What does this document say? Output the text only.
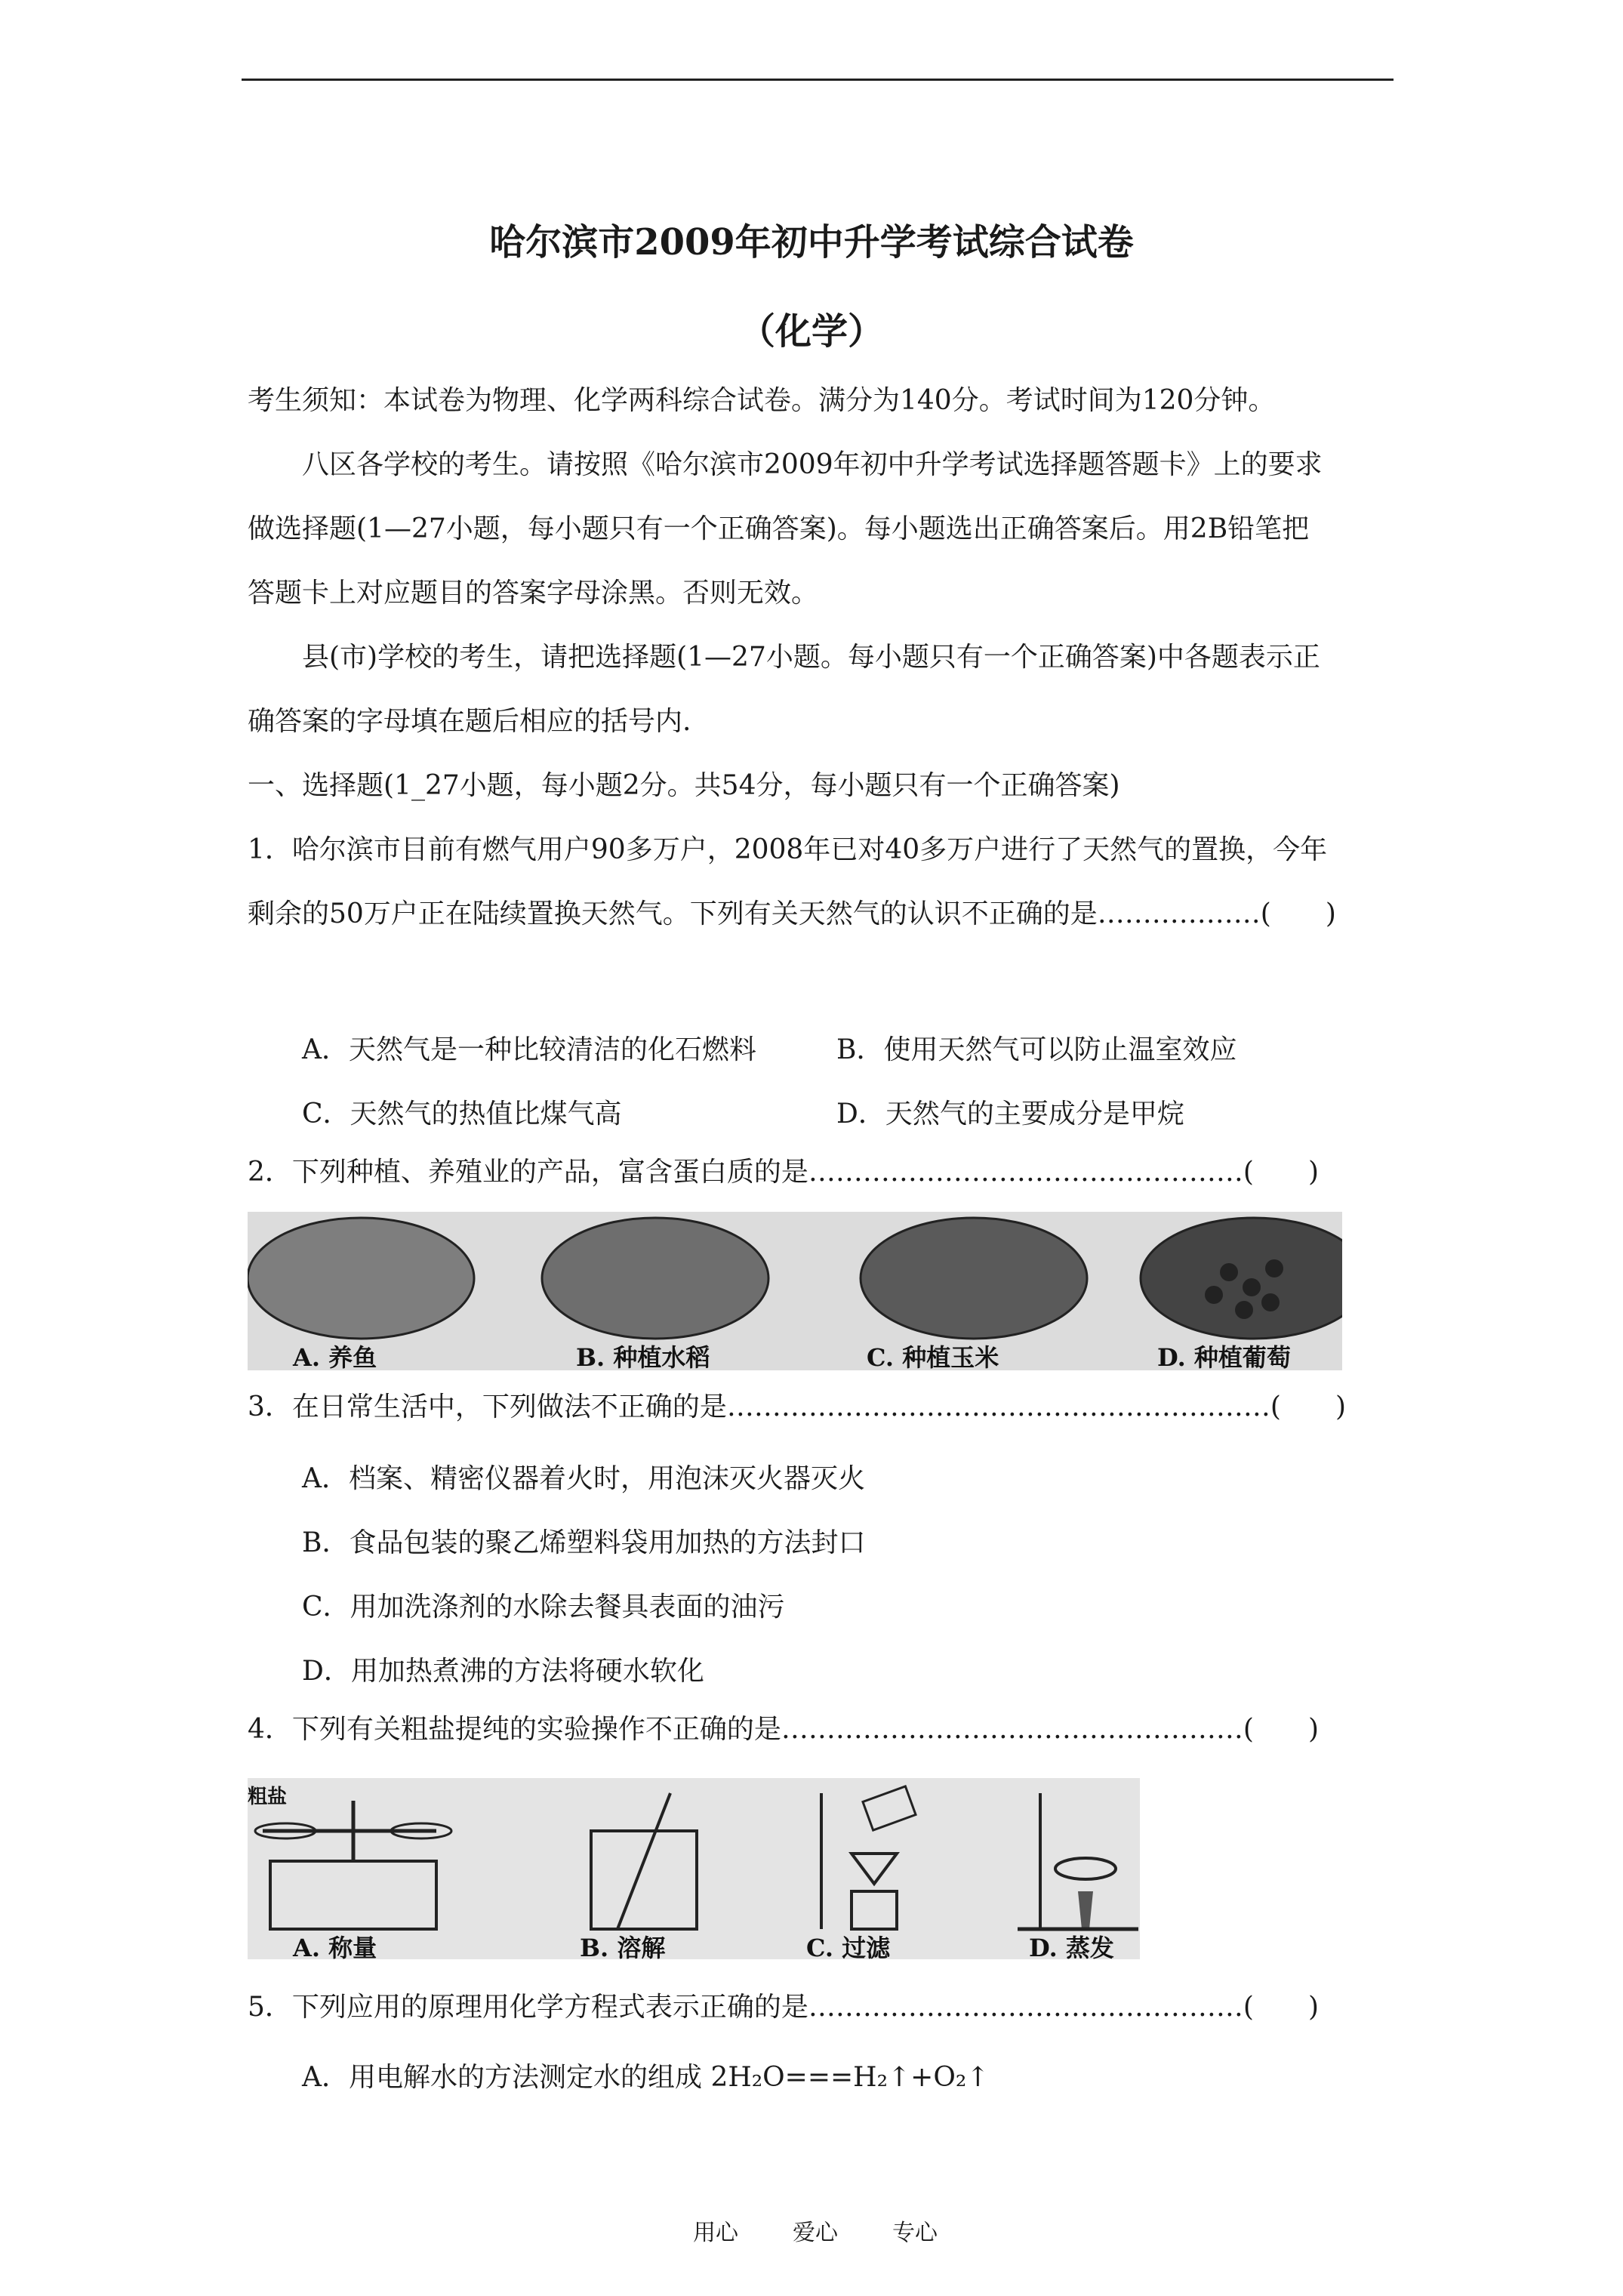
哈尔滨市2009年初中升学考试综合试卷
（化学）
考生须知：本试卷为物理、化学两科综合试卷。满分为140分。考试时间为120分钟。
八区各学校的考生。请按照《哈尔滨市2009年初中升学考试选择题答题卡》上的要求
做选择题(1—27小题，每小题只有一个正确答案)。每小题选出正确答案后。用2B铅笔把
答题卡上对应题目的答案字母涂黑。否则无效。
县(市)学校的考生，请把选择题(1—27小题。每小题只有一个正确答案)中各题表示正
确答案的字母填在题后相应的括号内.
一、选择题(1_27小题，每小题2分。共54分，每小题只有一个正确答案)
1．哈尔滨市目前有燃气用户90多万户，2008年已对40多万户进行了天然气的置换，今年
剩余的50万户正在陆续置换天然气。下列有关天然气的认识不正确的是………………(　　)
A．天然气是一种比较清洁的化石燃料	B．使用天然气可以防止温室效应
C．天然气的热值比煤气高	D．天然气的主要成分是甲烷
2．下列种植、养殖业的产品，富含蛋白质的是…………………………………………(　　)
A. 养鱼	B. 种植水稻	C. 种植玉米	D. 种植葡萄
3．在日常生活中，下列做法不正确的是……………………………………………………(　　)
A．档案、精密仪器着火时，用泡沫灭火器灭火
B．食品包装的聚乙烯塑料袋用加热的方法封口
C．用加洗涤剂的水除去餐具表面的油污
D．用加热煮沸的方法将硬水软化
4．下列有关粗盐提纯的实验操作不正确的是……………………………………………(　　)
粗盐
A. 称量	B. 溶解	C. 过滤	D. 蒸发
5．下列应用的原理用化学方程式表示正确的是…………………………………………(　　)
A．用电解水的方法测定水的组成 2H₂O===H₂↑+O₂↑
用心 爱心 专心
